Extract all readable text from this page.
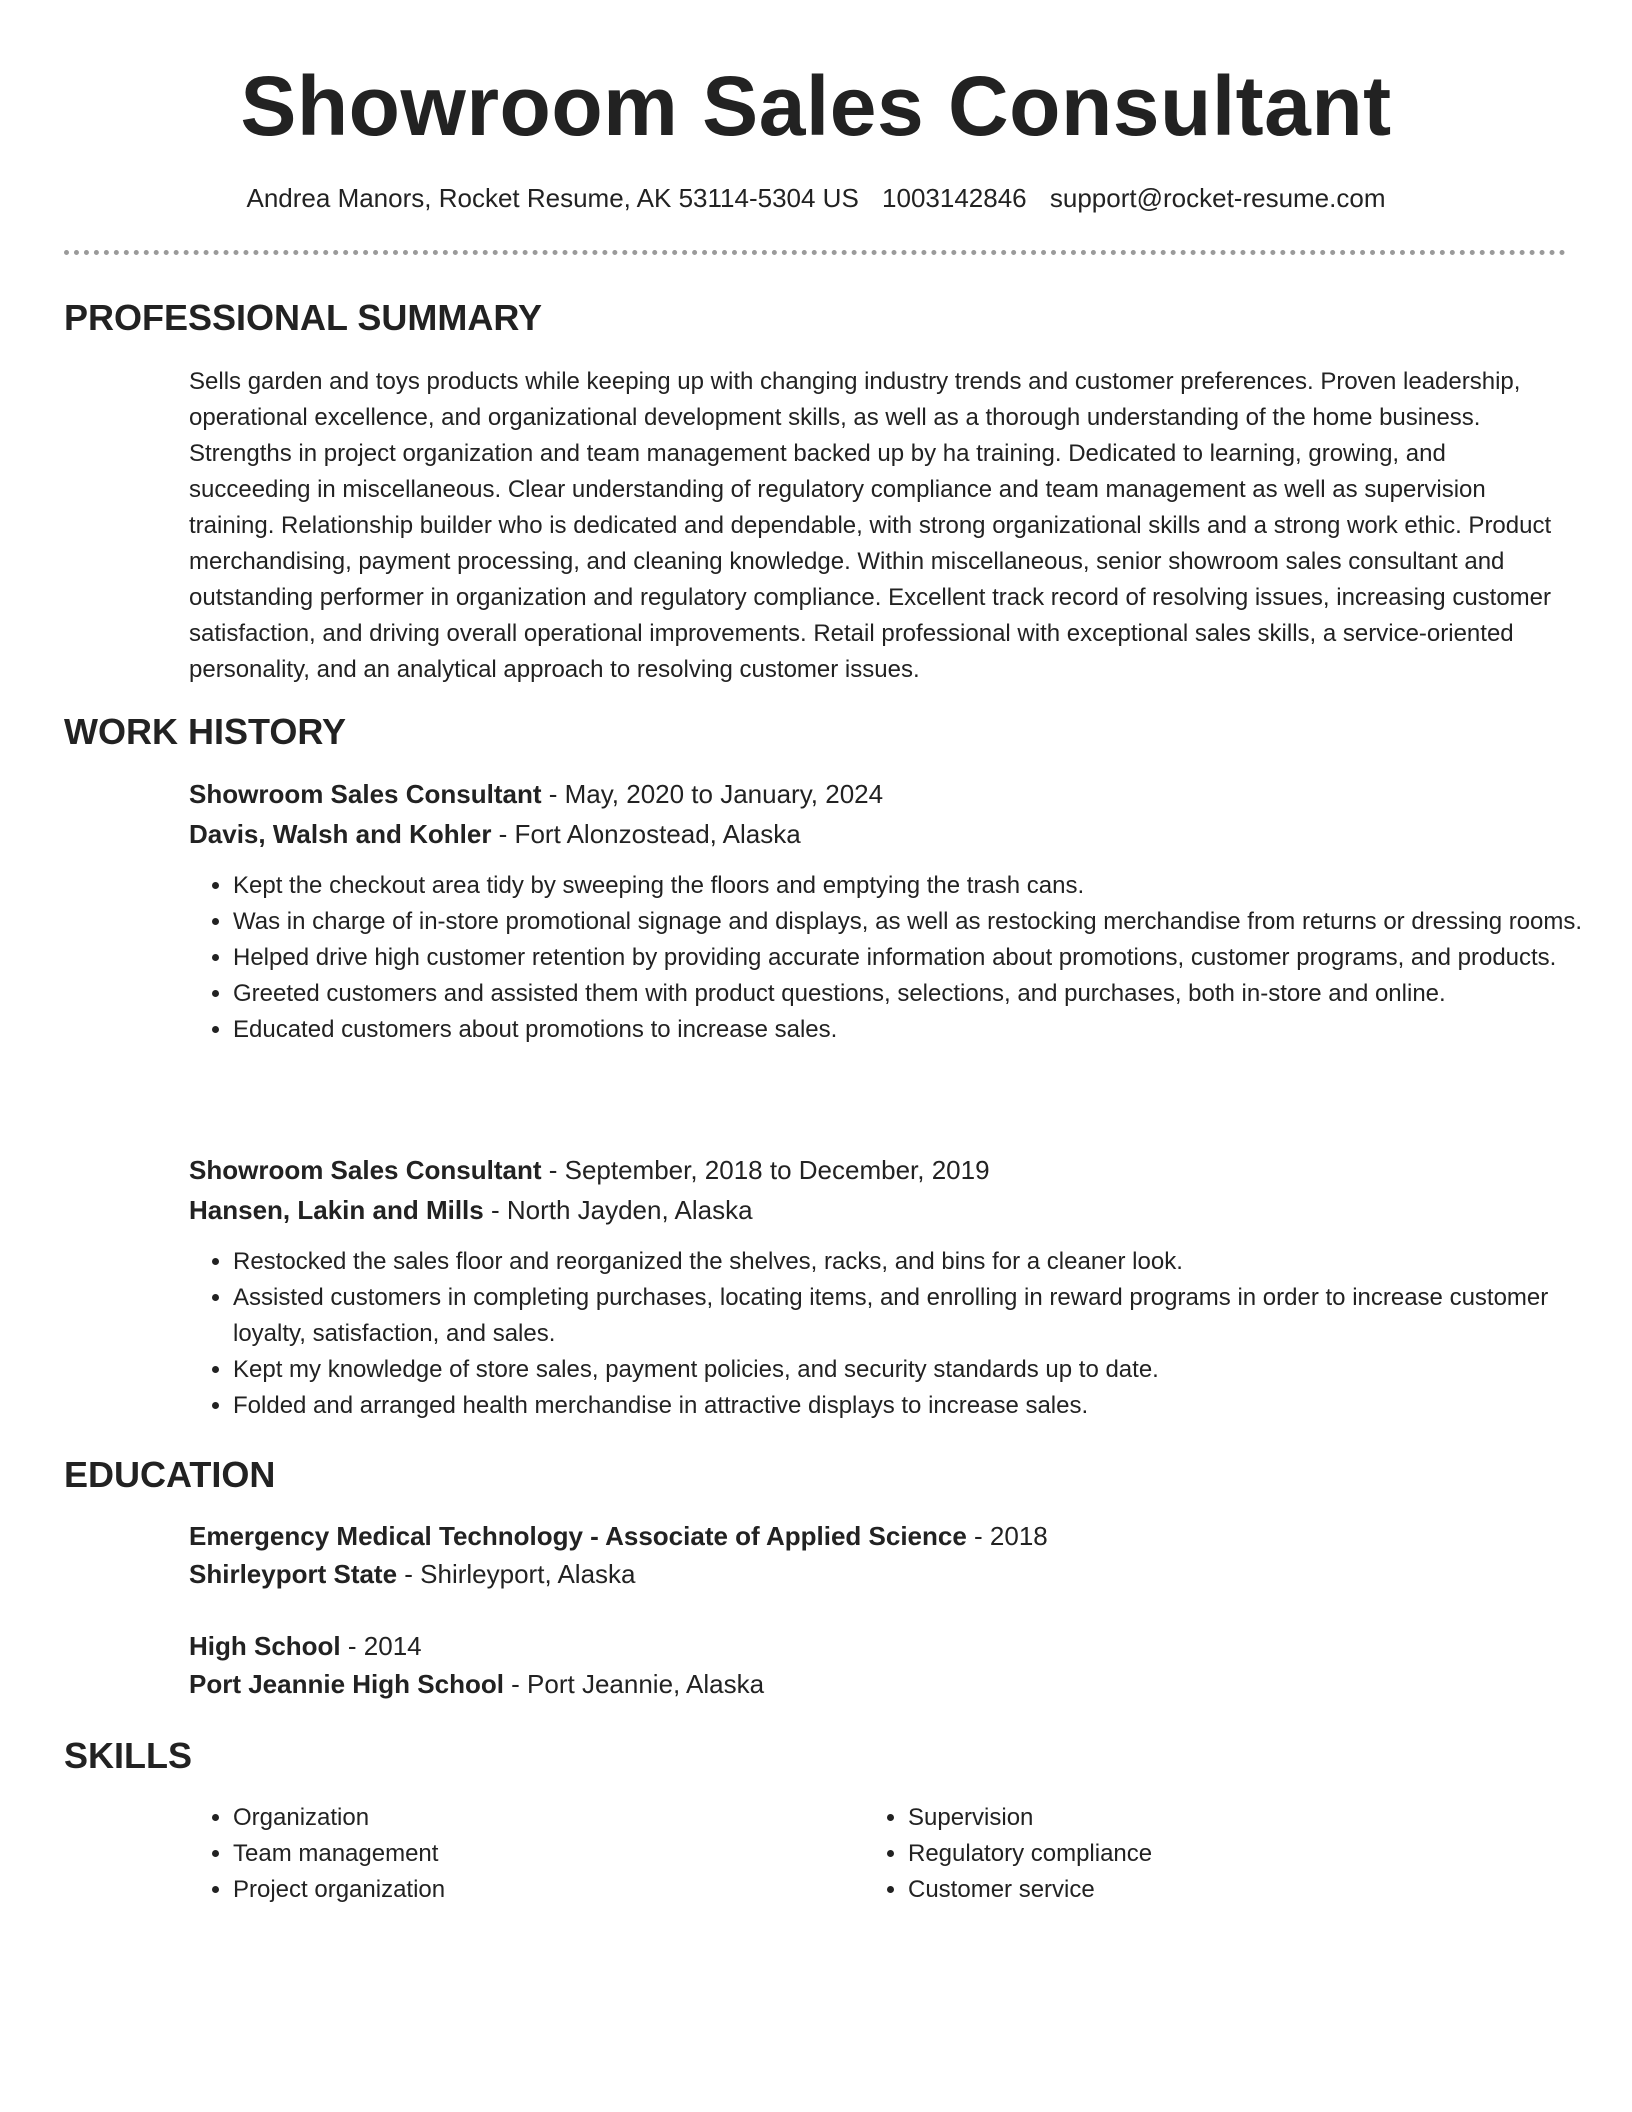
Showroom Sales Consultant
Andrea Manors, Rocket Resume, AK 53114-5304 US 1003142846 support@rocket-resume.com
PROFESSIONAL SUMMARY
Sells garden and toys products while keeping up with changing industry trends and customer preferences. Proven leadership, operational excellence, and organizational development skills, as well as a thorough understanding of the home business. Strengths in project organization and team management backed up by ha training. Dedicated to learning, growing, and succeeding in miscellaneous. Clear understanding of regulatory compliance and team management as well as supervision training. Relationship builder who is dedicated and dependable, with strong organizational skills and a strong work ethic. Product merchandising, payment processing, and cleaning knowledge. Within miscellaneous, senior showroom sales consultant and outstanding performer in organization and regulatory compliance. Excellent track record of resolving issues, increasing customer satisfaction, and driving overall operational improvements. Retail professional with exceptional sales skills, a service-oriented personality, and an analytical approach to resolving customer issues.
WORK HISTORY
Showroom Sales Consultant - May, 2020 to January, 2024
Davis, Walsh and Kohler - Fort Alonzostead, Alaska
• Kept the checkout area tidy by sweeping the floors and emptying the trash cans.
• Was in charge of in-store promotional signage and displays, as well as restocking merchandise from returns or dressing rooms.
• Helped drive high customer retention by providing accurate information about promotions, customer programs, and products.
• Greeted customers and assisted them with product questions, selections, and purchases, both in-store and online.
• Educated customers about promotions to increase sales.
Showroom Sales Consultant - September, 2018 to December, 2019
Hansen, Lakin and Mills - North Jayden, Alaska
• Restocked the sales floor and reorganized the shelves, racks, and bins for a cleaner look.
• Assisted customers in completing purchases, locating items, and enrolling in reward programs in order to increase customer loyalty, satisfaction, and sales.
• Kept my knowledge of store sales, payment policies, and security standards up to date.
• Folded and arranged health merchandise in attractive displays to increase sales.
EDUCATION
Emergency Medical Technology - Associate of Applied Science - 2018
Shirleyport State - Shirleyport, Alaska
High School - 2014
Port Jeannie High School - Port Jeannie, Alaska
SKILLS
• Organization
• Team management
• Project organization
• Supervision
• Regulatory compliance
• Customer service
